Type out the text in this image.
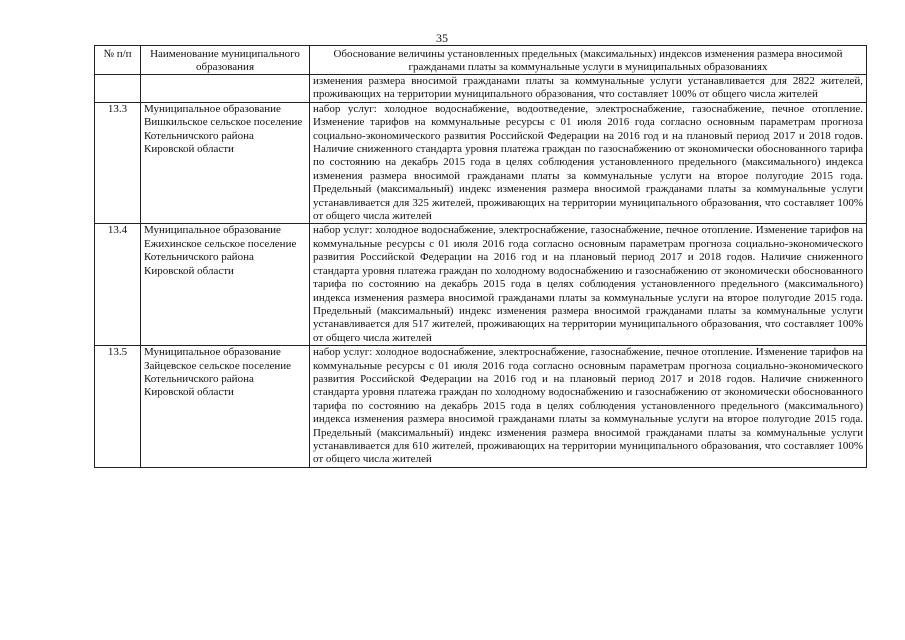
35
№ п/п	Наименование муниципального образования	Обоснование величины установленных предельных (максимальных) индексов изменения размера вносимой гражданами платы за коммунальные услуги в муниципальных образованиях
		изменения размера вносимой гражданами платы за коммунальные услуги устанавливается для 2822 жителей, проживающих на территории муниципального образования, что составляет 100% от общего числа жителей
13.3	Муниципальное образование Вишкильское сельское поселение Котельничского района Кировской области	набор услуг: холодное водоснабжение, водоотведение, электроснабжение, газоснабжение, печное отопление. Изменение тарифов на коммунальные ресурсы с 01 июля 2016 года согласно основным параметрам прогноза социально-экономического развития Российской Федерации на 2016 год и на плановый период 2017 и 2018 годов. Наличие сниженного стандарта уровня платежа граждан по газоснабжению от экономически обоснованного тарифа по состоянию на декабрь 2015 года в целях соблюдения установленного предельного (максимального) индекса изменения размера вносимой гражданами платы за коммунальные услуги на второе полугодие 2015 года. Предельный (максимальный) индекс изменения размера вносимой гражданами платы за коммунальные услуги устанавливается для 325 жителей, проживающих на территории муниципального образования, что составляет 100% от общего числа жителей
13.4	Муниципальное образование Ежихинское сельское поселение Котельничского района Кировской области	набор услуг: холодное водоснабжение, электроснабжение, газоснабжение, печное отопление. Изменение тарифов на коммунальные ресурсы с 01 июля 2016 года согласно основным параметрам прогноза социально-экономического развития Российской Федерации на 2016 год и на плановый период 2017 и 2018 годов. Наличие сниженного стандарта уровня платежа граждан по холодному водоснабжению и газоснабжению от экономически обоснованного тарифа по состоянию на декабрь 2015 года в целях соблюдения установленного предельного (максимального) индекса изменения размера вносимой гражданами платы за коммунальные услуги на второе полугодие 2015 года. Предельный (максимальный) индекс изменения размера вносимой гражданами платы за коммунальные услуги устанавливается для 517 жителей, проживающих на территории муниципального образования, что составляет 100% от общего числа жителей
13.5	Муниципальное образование Зайцевское сельское поселение Котельничского района Кировской области	набор услуг: холодное водоснабжение, электроснабжение, газоснабжение, печное отопление. Изменение тарифов на коммунальные ресурсы с 01 июля 2016 года согласно основным параметрам прогноза социально-экономического развития Российской Федерации на 2016 год и на плановый период 2017 и 2018 годов. Наличие сниженного стандарта уровня платежа граждан по холодному водоснабжению и газоснабжению от экономически обоснованного тарифа по состоянию на декабрь 2015 года в целях соблюдения установленного предельного (максимального) индекса изменения размера вносимой гражданами платы за коммунальные услуги на второе полугодие 2015 года. Предельный (максимальный) индекс изменения размера вносимой гражданами платы за коммунальные услуги устанавливается для 610 жителей, проживающих на территории муниципального образования, что составляет 100% от общего числа жителей
